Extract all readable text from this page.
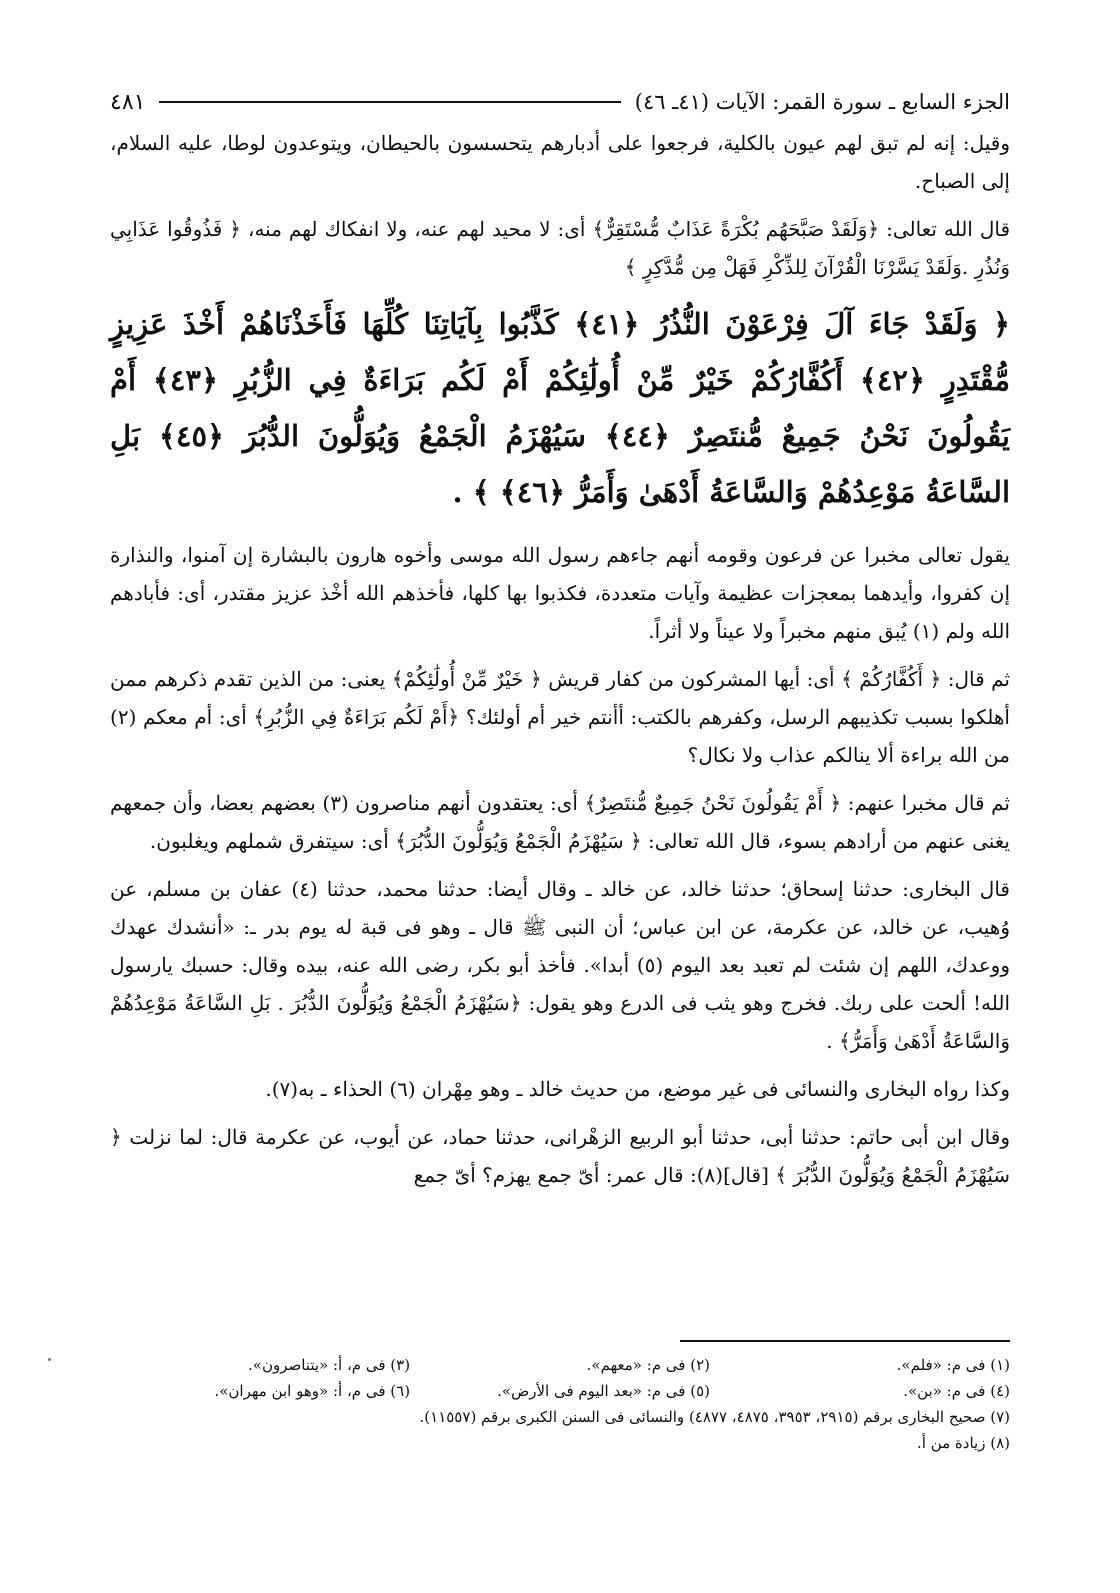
الجزء السابع ـ سورة القمر: الآيات (٤١ـ ٤٦)
٤٨١

وقيل: إنه لم تبق لهم عيون بالكلية، فرجعوا على أدبارهم يتحسسون بالحيطان، ويتوعدون لوطا، عليه السلام، إلى الصباح.

قال الله تعالى: ﴿وَلَقَدْ صَبَّحَهُم بُكْرَةً عَذَابٌ مُّسْتَقِرٌّ﴾ أى: لا محيد لهم عنه، ولا انفكاك لهم منه، ﴿ فَذُوقُوا عَذَابِي وَنُذُرِ .وَلَقَدْ يَسَّرْنَا الْقُرْآنَ لِلذِّكْرِ فَهَلْ مِن مُّدَّكِرٍ ﴾

﴿ وَلَقَدْ جَاءَ آلَ فِرْعَوْنَ النُّذُرُ ﴿٤١﴾ كَذَّبُوا بِآيَاتِنَا كُلِّهَا فَأَخَذْنَاهُمْ أَخْذَ عَزِيزٍ مُّقْتَدِرٍ ﴿٤٢﴾ أَكُفَّارُكُمْ خَيْرٌ مِّنْ أُولَٰئِكُمْ أَمْ لَكُم بَرَاءَةٌ فِي الزُّبُرِ ﴿٤٣﴾ أَمْ يَقُولُونَ نَحْنُ جَمِيعٌ مُّنتَصِرٌ ﴿٤٤﴾ سَيُهْزَمُ الْجَمْعُ وَيُوَلُّونَ الدُّبُرَ ﴿٤٥﴾ بَلِ السَّاعَةُ مَوْعِدُهُمْ وَالسَّاعَةُ أَدْهَىٰ وَأَمَرُّ ﴿٤٦﴾ ﴾ .

يقول تعالى مخبرا عن فرعون وقومه أنهم جاءهم رسول الله موسى وأخوه هارون بالبشارة إن آمنوا، والنذارة إن كفروا، وأيدهما بمعجزات عظيمة وآيات متعددة، فكذبوا بها كلها، فأخذهم الله أخْذ عزيز مقتدر، أى: فأبادهم الله ولم (١) يُبق منهم مخبراً ولا عيناً ولا أثراً.

ثم قال: ﴿ أَكُفَّارُكُمْ ﴾ أى: أيها المشركون من كفار قريش ﴿ خَيْرٌ مِّنْ أُولَٰئِكُمْ﴾ يعنى: من الذين تقدم ذكرهم ممن أهلكوا بسبب تكذيبهم الرسل، وكفرهم بالكتب: أأنتم خير أم أولئك؟ ﴿أَمْ لَكُم بَرَاءَةٌ فِي الزُّبُرِ﴾ أى: أم معكم (٢) من الله براءة ألا ينالكم عذاب ولا نكال؟

ثم قال مخبرا عنهم: ﴿ أَمْ يَقُولُونَ نَحْنُ جَمِيعٌ مُّنتَصِرٌ﴾ أى: يعتقدون أنهم مناصرون (٣) بعضهم بعضا، وأن جمعهم يغنى عنهم من أرادهم بسوء، قال الله تعالى: ﴿ سَيُهْزَمُ الْجَمْعُ وَيُوَلُّونَ الدُّبُرَ﴾ أى: سيتفرق شملهم ويغلبون.

قال البخارى: حدثنا إسحاق؛ حدثنا خالد، عن خالد ـ وقال أيضا: حدثنا محمد، حدثنا (٤) عفان بن مسلم، عن وُهيب، عن خالد، عن عكرمة، عن ابن عباس؛ أن النبى ﷺ قال ـ وهو فى قبة له يوم بدر ـ: «أنشدك عهدك ووعدك، اللهم إن شئت لم تعبد بعد اليوم (٥) أبدا». فأخذ أبو بكر، رضى الله عنه، بيده وقال: حسبك يارسول الله! ألحت على ربك. فخرج وهو يثب فى الدرع وهو يقول: ﴿سَيُهْزَمُ الْجَمْعُ وَيُوَلُّونَ الدُّبُرَ . بَلِ السَّاعَةُ مَوْعِدُهُمْ وَالسَّاعَةُ أَدْهَىٰ وَأَمَرُّ﴾ .

وكذا رواه البخارى والنسائى فى غير موضع، من حديث خالد ـ وهو مِهْران (٦) الحذاء ـ به(٧).

وقال ابن أبى حاتم: حدثنا أبى، حدثنا أبو الربيع الزهْرانى، حدثنا حماد، عن أيوب، عن عكرمة قال: لما نزلت ﴿ سَيُهْزَمُ الْجَمْعُ وَيُوَلُّونَ الدُّبُرَ ﴾ [قال](٨): قال عمر: أىّ جمع يهزم؟ أىّ جمع

(١) فى م: «فلم».
(٢) فى م: «معهم».
(٣) فى م، أ: «يتناصرون».
(٤) فى م: «بن».
(٥) فى م: «بعد اليوم فى الأرض».
(٦) فى م، أ: «وهو ابن مهران».
(٧) صحيح البخارى برقم (٢٩١٥، ٣٩٥٣، ٤٨٧٥، ٤٨٧٧) والنسائى فى السنن الكبرى برقم (١١٥٥٧).
(٨) زيادة من أ.
